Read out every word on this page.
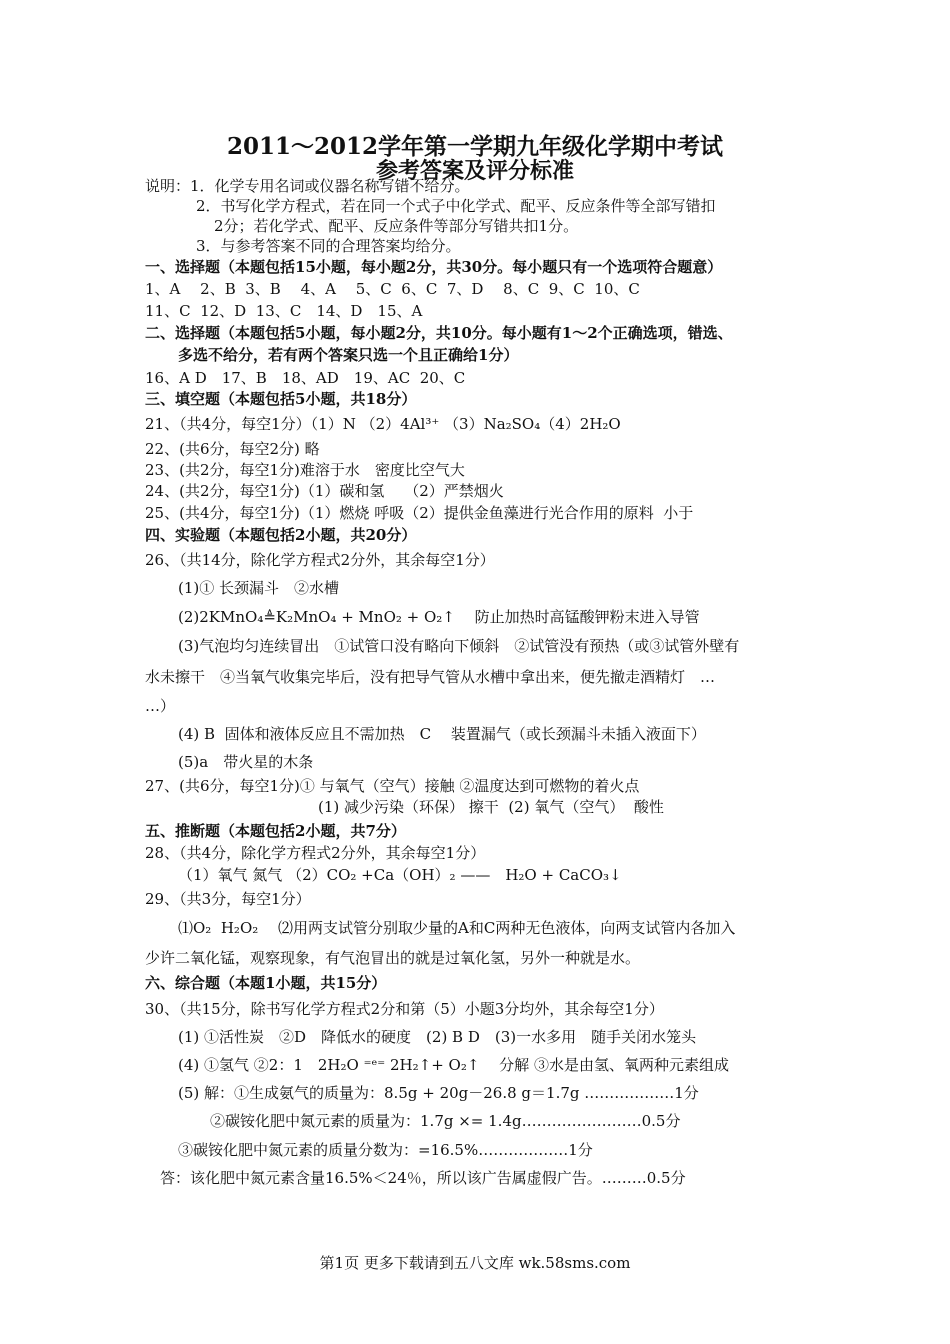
2011～2012学年第一学期九年级化学期中考试
参考答案及评分标准
说明：1．化学专用名词或仪器名称写错不给分。
2．书写化学方程式，若在同一个式子中化学式、配平、反应条件等全部写错扣
2分；若化学式、配平、反应条件等部分写错共扣1分。
3．与参考答案不同的合理答案均给分。
一、选择题（本题包括15小题，每小题2分，共30分。每小题只有一个选项符合题意）
1、A　 2、B  3、B　 4、A　 5、C  6、C  7、D　 8、C  9、C  10、C
11、C  12、D  13、C　14、D　15、A
二、选择题（本题包括5小题，每小题2分，共10分。每小题有1～2个正确选项，错选、
多选不给分，若有两个答案只选一个且正确给1分）
16、A D　17、B　18、AD　19、AC  20、C
三、填空题（本题包括5小题，共18分）
21、（共4分，每空1分）（1）N （2）4Al³⁺ （3）Na₂SO₄（4）2H₂O
22、(共6分，每空2分) 略
23、(共2分，每空1分)难溶于水　密度比空气大
24、(共2分，每空1分)（1）碳和氢　 （2）严禁烟火
25、(共4分，每空1分)（1）燃烧 呼吸（2）提供金鱼藻进行光合作用的原料  小于
四、实验题（本题包括2小题，共20分）
26、（共14分，除化学方程式2分外，其余每空1分）
(1)① 长颈漏斗　②水槽
(2)2KMnO₄≜K₂MnO₄ + MnO₂ + O₂↑　 防止加热时高锰酸钾粉末进入导管
(3)气泡均匀连续冒出　①试管口没有略向下倾斜　②试管没有预热（或③试管外壁有
水未擦干　④当氧气收集完毕后，没有把导气管从水槽中拿出来，便先撤走酒精灯　…
…）
(4) B  固体和液体反应且不需加热　C　 装置漏气（或长颈漏斗未插入液面下）
(5)a　带火星的木条
27、(共6分，每空1分)① 与氧气（空气）接触 ②温度达到可燃物的着火点
(1) 减少污染（环保） 擦干  (2) 氧气（空气）  酸性
五、推断题（本题包括2小题，共7分）
28、（共4分，除化学方程式2分外，其余每空1分）
（1）氧气 氮气 （2）CO₂ +Ca（OH）₂ ——　H₂O + CaCO₃↓
29、（共3分，每空1分）
⑴O₂  H₂O₂　 ⑵用两支试管分别取少量的A和C两种无色液体，向两支试管内各加入
少许二氧化锰，观察现象，有气泡冒出的就是过氧化氢，另外一种就是水。
六、综合题（本题1小题，共15分）
30、（共15分，除书写化学方程式2分和第（5）小题3分均外，其余每空1分）
(1) ①活性炭　②D　降低水的硬度　(2) B D　(3)一水多用　随手关闭水笼头
(4) ①氢气 ②2：1　2H₂O ⁼ᵉ⁼ 2H₂↑+ O₂↑　 分解 ③水是由氢、氧两种元素组成
(5) 解：①生成氨气的质量为：8.5g + 20g－26.8 g＝1.7g ………………1分
②碳铵化肥中氮元素的质量为：1.7g ×= 1.4g……………………0.5分
③碳铵化肥中氮元素的质量分数为：=16.5%………………1分
答：该化肥中氮元素含量16.5%＜24％，所以该广告属虚假广告。………0.5分
第1页 更多下载请到五八文库 wk.58sms.com
